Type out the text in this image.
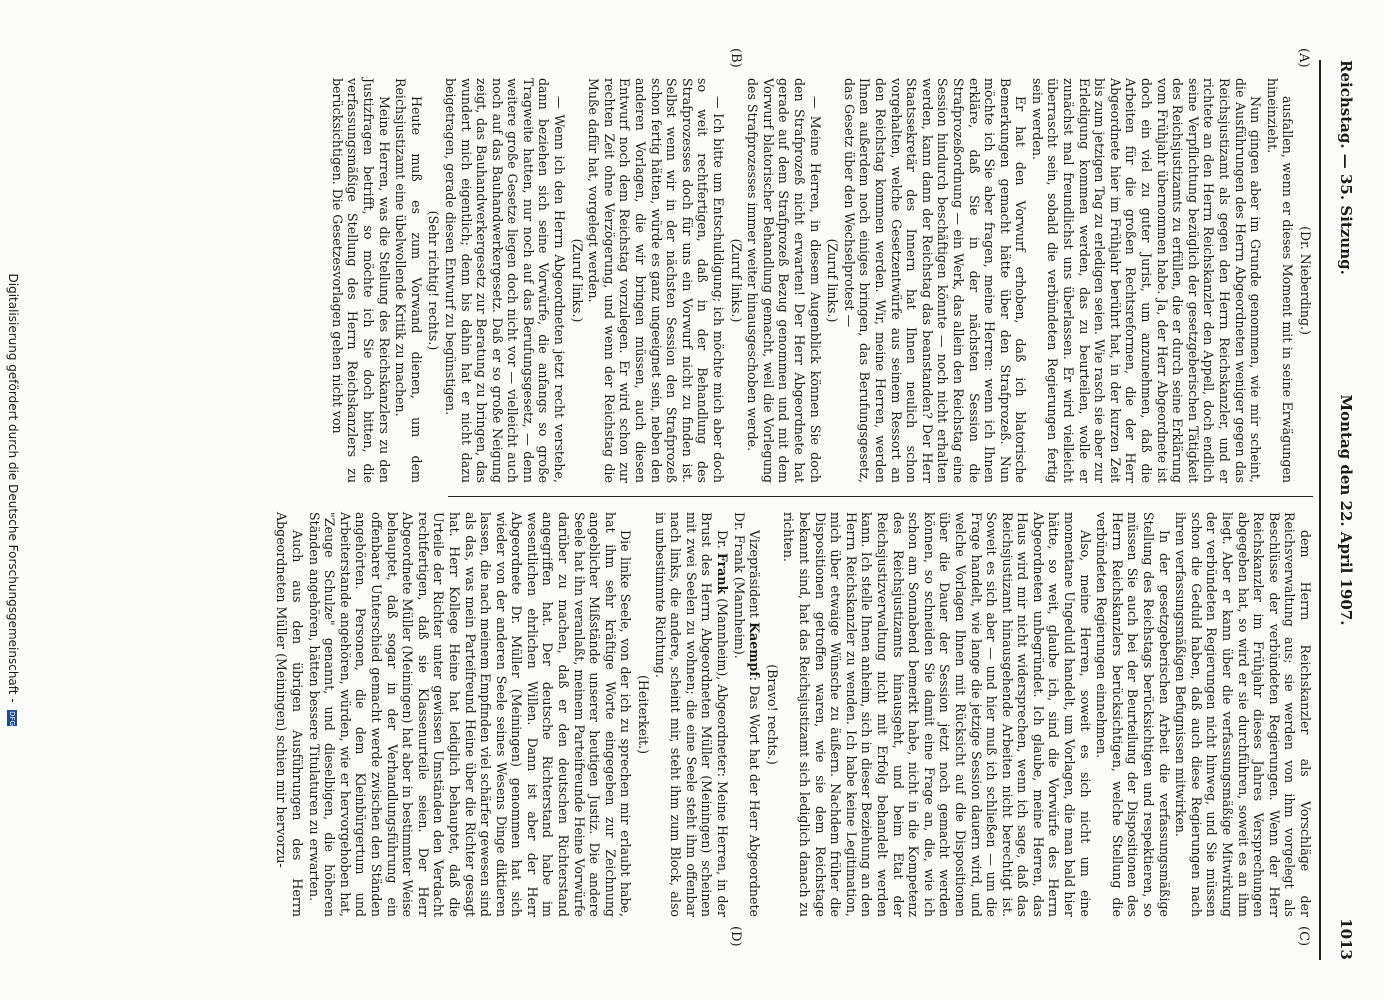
Reichstag. — 35. Sitzung.
Montag den 22. April 1907.
1013
(A)
(B)
(C)
(D)

(Dr. Nieberding.)

ausfallen, wenn er dieses Moment mit in seine Erwägungen hineinzieht.

Nun gingen aber im Grunde genommen, wie mir scheint, die Ausführungen des Herrn Abgeordneten weniger gegen das Reichsjustizamt als gegen den Herrn Reichskanzler, und er richtete an den Herrn Reichskanzler den Appell, doch endlich seine Verpflichtung bezüglich der gesetzgeberischen Tätigkeit des Reichsjustizamts zu erfüllen, die er durch seine Erklärung vom Frühjahr übernommen habe. Ja, der Herr Abgeordnete ist doch ein viel zu guter Jurist, um anzunehmen, daß die Arbeiten für die großen Rechtsreformen, die der Herr Abgeordnete hier im Frühjahr berührt hat, in der kurzen Zeit bis zum jetzigen Tag zu erledigen seien. Wie rasch sie aber zur Erledigung kommen werden, das zu beurteilen, wolle er zunächst mal freundlichst uns überlassen. Er wird vielleicht überrascht sein, sobald die verbündeten Regierungen fertig sein werden.

Er hat den Vorwurf erhoben, daß ich blatorische Bemerkungen gemacht hätte über den Strafprozeß. Nun möchte ich Sie aber fragen, meine Herren: wenn ich Ihnen erkläre, daß Sie in der nächsten Session die Strafprozeßordnung — ein Werk, das allein den Reichstag eine Session hindurch beschäftigen könnte — noch nicht erhalten werden, kann dann der Reichstag das beanstanden? Der Herr Staatssekretär des Innern hat Ihnen neulich schon vorgehalten, welche Gesetzentwürfe aus seinem Ressort an den Reichstag kommen werden. Wir, meine Herren, werden Ihnen außerdem noch einiges bringen, das Berufungsgesetz, das Gesetz über den Wechselprotest —

(Zuruf links.)

— Meine Herren, in diesem Augenblick können Sie doch den Strafprozeß nicht erwarten! Der Herr Abgeordnete hat gerade auf dem Strafprozeß Bezug genommen und mit dem Vorwurf blatorischer Behandlung gemacht, weil die Vorlegung des Strafprozesses immer weiter hinausgeschoben werde.

(Zuruf links.)

— Ich bitte um Entschuldigung; ich möchte mich aber doch so weit rechtfertigen, daß in der Behandlung des Strafprozesses doch für uns ein Vorwurf nicht zu finden ist. Selbst wenn wir in der nächsten Session den Strafprozeß schon fertig hätten, würde es ganz ungeeignet sein, neben den anderen Vorlagen, die wir bringen müssen, auch diesen Entwurf noch dem Reichstag vorzulegen. Er wird schon zur rechten Zeit ohne Verzögerung, und wenn der Reichstag die Muße dafür hat, vorgelegt werden.

(Zuruf links.)

— Wenn ich den Herrn Abgeordneten jetzt recht verstehe, dann beziehen sich seine Vorwürfe, die anfangs so große Tragweite hatten, nur noch auf das Berufungsgesetz, — denn weitere große Gesetze liegen doch nicht vor — vielleicht auch noch auf das Bauhandwerkergesetz. Daß er so große Neigung zeigt, das Bauhandwerkergesetz zur Beratung zu bringen, das wundert mich eigentlich; denn bis dahin hat er nicht dazu beigetragen, gerade diesen Entwurf zu begünstigen.

(Sehr richtig! rechts.)

Heute muß es zum Vorwand dienen, um dem Reichsjustizamt eine übelwollende Kritik zu machen.

Meine Herren, was die Stellung des Reichskanzlers zu den Justizfragen betrifft, so möchte ich Sie doch bitten, die verfassungsmäßige Stellung des Herrn Reichskanzlers zu berücksichtigen. Die Gesetzesvorlagen gehen nicht von

dem Herrn Reichskanzler als Vorschläge der Reichsverwaltung aus; sie werden von ihm vorgelegt als Beschlüsse der verbündeten Regierungen. Wenn der Herr Reichskanzler im Frühjahr dieses Jahres Versprechungen abgegeben hat, so wird er sie durchführen, soweit es an ihm liegt. Aber er kann über die verfassungsmäßige Mitwirkung der verbündeten Regierungen nicht hinweg, und Sie müssen schon die Geduld haben, daß auch diese Regierungen nach ihren verfassungsmäßigen Befugnissen mitwirken.

In der gesetzgeberischen Arbeit die verfassungsmäßige Stellung des Reichstags berücksichtigen und respektieren, so müssen Sie auch bei der Beurteilung der Dispositionen des Herrn Reichskanzlers berücksichtigen, welche Stellung die verbündeten Regierungen einnehmen.

Also, meine Herren, soweit es sich nicht um eine momentane Ungeduld handelt, um Vorlagen, die man bald hier hätte, so weit, glaube ich, sind die Vorwürfe des Herrn Abgeordneten unbegründet. Ich glaube, meine Herren, das Haus wird mir nicht widersprechen, wenn ich sage, daß das Reichsjustizamt hinausgehende Arbeiten nicht berechtigt ist. Soweit es sich aber — und hier muß ich schließen — um die Frage handelt, wie lange die jetzige Session dauern wird, und welche Vorlagen Ihnen mit Rücksicht auf die Dispositionen über die Dauer der Session jetzt noch gemacht werden können, so schneiden Sie damit eine Frage an, die, wie ich schon am Sonnabend bemerkt habe, nicht in die Kompetenz des Reichsjustizamts hinausgeht, und beim Etat der Reichsjustizverwaltung nicht mit Erfolg behandelt werden kann. Ich stelle Ihnen anheim, sich in dieser Beziehung an den Herrn Reichskanzler zu wenden. Ich habe keine Legitimation, mich über etwaige Wünsche zu äußern. Nachdem früher die Dispositionen getroffen waren, wie sie dem Reichstage bekannt sind, hat das Reichsjustizamt sich lediglich danach zu richten.

(Bravo! rechts.)

Vizepräsident Kaempf: Das Wort hat der Herr Abgeordnete Dr. Frank (Mannheim).

Dr. Frank (Mannheim), Abgeordneter: Meine Herren, in der Brust des Herrn Abgeordneten Müller (Meiningen) scheinen mit zwei Seelen zu wohnen; die eine Seele steht ihm offenbar nach links, die andere, scheint mir, steht ihm zum Block, also in unbestimmte Richtung.

(Heiterkeit.)

Die linke Seele, von der ich zu sprechen mir erlaubt habe, hat ihm sehr kräftige Worte eingegeben zur Zeichnung angeblicher Mißstände unserer heutigen Justiz. Die andere Seele hat ihn veranlaßt, meinem Parteifreunde Heine Vorwürfe darüber zu machen, daß er den deutschen Richterstand angegriffen hat. Der deutsche Richterstand habe im wesentlichen ehrlichen Willen. Dann ist aber der Herr Abgeordnete Dr. Müller (Meiningen) genommen hat sich wieder von der anderen Seele seines Wesens Dinge diktieren lassen, die nach meinem Empfinden viel schärfer gewesen sind als das, was mein Parteifreund Heine über die Richter gesagt hat. Herr Kollege Heine hat lediglich behauptet, daß die Urteile der Richter unter gewissen Umständen den Verdacht rechtfertigen, daß sie Klassenurteile seien. Der Herr Abgeordnete Müller (Meiningen) hat aber in bestimmter Weise behauptet, daß sogar in der Verhandlungsführung ein offenbarer Unterschied gemacht werde zwischen den Ständen angehörten. Personen, die dem Kleinbürgertum und Arbeiterstande angehören, würden, wie er hervorgehoben hat, "Zeuge Schulze" genannt, und dieselbigen, die höheren Ständen angehören, hätten bessere Titulaturen zu erwarten.

Auch aus den übrigen Ausführungen des Herrn Abgeordneten Müller (Meiningen) schien mir hervorzu-

Digitalisierung gefördert durch die Deutsche Forschungsgemeinschaft - DFG
